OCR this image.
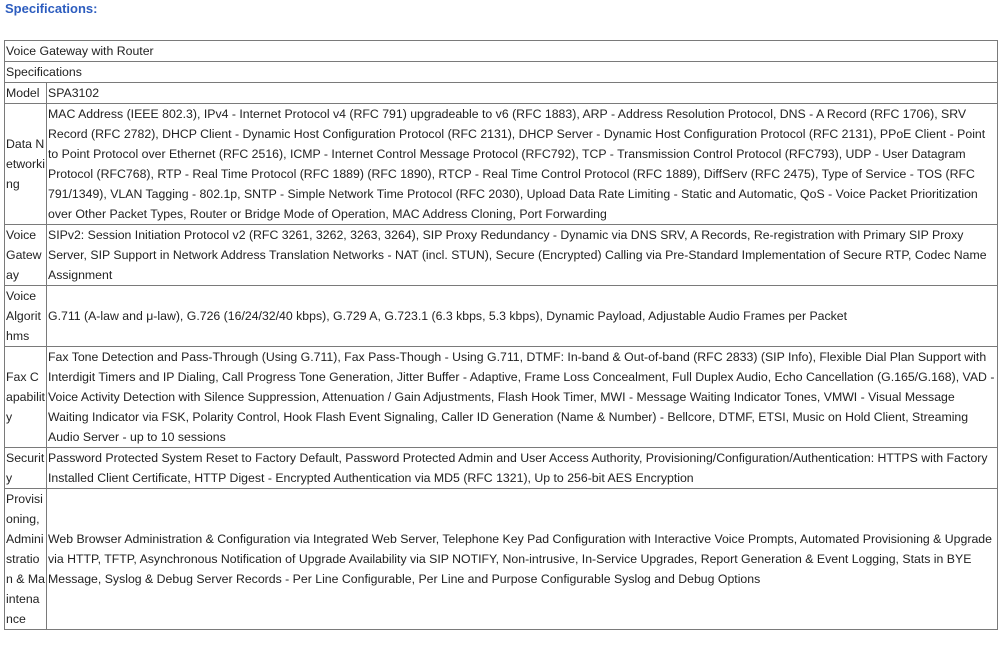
Specifications:
Voice Gateway with Router	
Specifications	
Model	SPA3102
Data Networking	MAC Address (IEEE 802.3), IPv4 - Internet Protocol v4 (RFC 791) upgradeable to v6 (RFC 1883), ARP - Address Resolution Protocol, DNS - A Record (RFC 1706), SRV Record (RFC 2782), DHCP Client - Dynamic Host Configuration Protocol (RFC 2131), DHCP Server - Dynamic Host Configuration Protocol (RFC 2131), PPoE Client - Point to Point Protocol over Ethernet (RFC 2516), ICMP - Internet Control Message Protocol (RFC792), TCP - Transmission Control Protocol (RFC793), UDP - User Datagram Protocol (RFC768), RTP - Real Time Protocol (RFC 1889) (RFC 1890), RTCP - Real Time Control Protocol (RFC 1889), DiffServ (RFC 2475), Type of Service - TOS (RFC 791/1349), VLAN Tagging - 802.1p, SNTP - Simple Network Time Protocol (RFC 2030), Upload Data Rate Limiting - Static and Automatic, QoS - Voice Packet Prioritization over Other Packet Types, Router or Bridge Mode of Operation, MAC Address Cloning, Port Forwarding
Voice Gateway	SIPv2: Session Initiation Protocol v2 (RFC 3261, 3262, 3263, 3264), SIP Proxy Redundancy - Dynamic via DNS SRV, A Records, Re-registration with Primary SIP Proxy Server, SIP Support in Network Address Translation Networks - NAT (incl. STUN), Secure (Encrypted) Calling via Pre-Standard Implementation of Secure RTP, Codec Name Assignment
Voice Algorithms	G.711 (A-law and μ-law), G.726 (16/24/32/40 kbps), G.729 A, G.723.1 (6.3 kbps, 5.3 kbps), Dynamic Payload, Adjustable Audio Frames per Packet
Fax Capability	Fax Tone Detection and Pass-Through (Using G.711), Fax Pass-Though - Using G.711, DTMF: In-band & Out-of-band (RFC 2833) (SIP Info), Flexible Dial Plan Support with Interdigit Timers and IP Dialing, Call Progress Tone Generation, Jitter Buffer - Adaptive, Frame Loss Concealment, Full Duplex Audio, Echo Cancellation (G.165/G.168), VAD - Voice Activity Detection with Silence Suppression, Attenuation / Gain Adjustments, Flash Hook Timer, MWI - Message Waiting Indicator Tones, VMWI - Visual Message Waiting Indicator via FSK, Polarity Control, Hook Flash Event Signaling, Caller ID Generation (Name & Number) - Bellcore, DTMF, ETSI, Music on Hold Client, Streaming Audio Server - up to 10 sessions
Security	Password Protected System Reset to Factory Default, Password Protected Admin and User Access Authority, Provisioning/Configuration/Authentication: HTTPS with Factory Installed Client Certificate, HTTP Digest - Encrypted Authentication via MD5 (RFC 1321), Up to 256-bit AES Encryption
Provisioning, Administration & Maintenance	Web Browser Administration & Configuration via Integrated Web Server, Telephone Key Pad Configuration with Interactive Voice Prompts, Automated Provisioning & Upgrade via HTTP, TFTP, Asynchronous Notification of Upgrade Availability via SIP NOTIFY, Non-intrusive, In-Service Upgrades, Report Generation & Event Logging, Stats in BYE Message, Syslog & Debug Server Records - Per Line Configurable, Per Line and Purpose Configurable Syslog and Debug Options
